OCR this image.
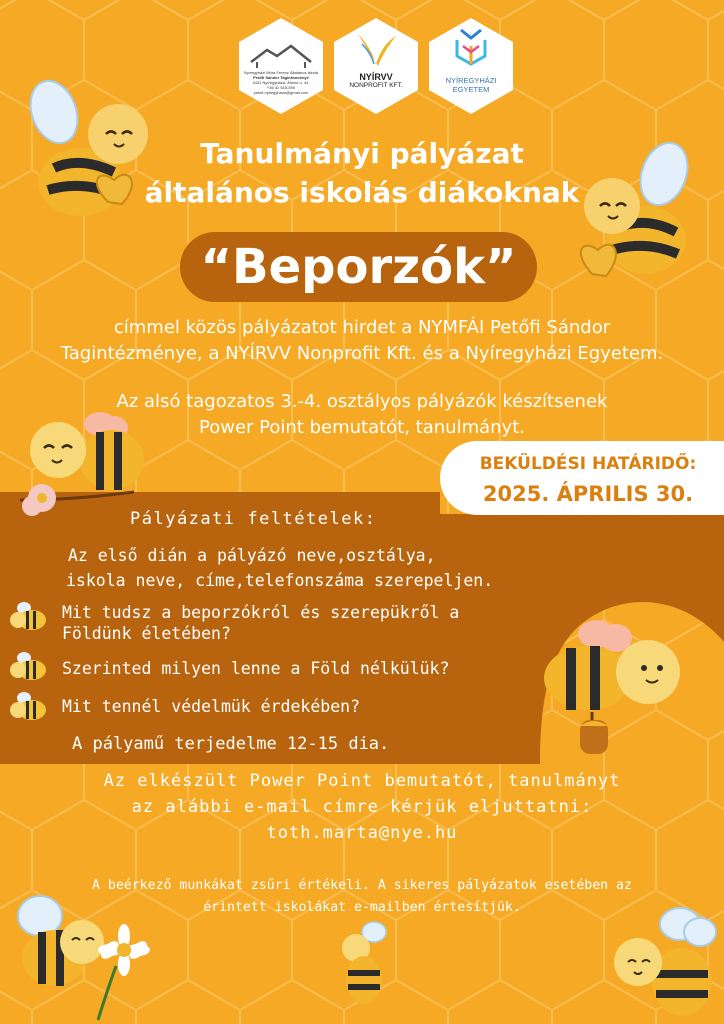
Nyíregyházi Móra Ferenc Általános Iskola
Petőfi Sándor Tagintézménye
4431 Nyíregyháza, Álmos u. 44.
+36 42 515-590
petofi.nyiregyhaza@gmail.com
NYÍRVV
NONPROFIT KFT.
NYÍREGYHÁZI
EGYETEM
Tanulmányi pályázat
általános iskolás diákoknak
“Beporzók”
címmel közös pályázatot hirdet a NYMFÁI Petőfi Sándor
Tagintézménye, a NYÍRVV Nonprofit Kft. és a Nyíregyházi Egyetem.
Az alsó tagozatos 3.-4. osztályos pályázók készítsenek
Power Point bemutatót, tanulmányt.
BEKÜLDÉSI HATÁRIDŐ:
2025. ÁPRILIS 30.
Pályázati feltételek:
Az első dián a pályázó neve,osztálya,
iskola neve, címe,telefonszáma szerepeljen.
Mit tudsz a beporzókról és szerepükről a
Földünk életében?
Szerinted milyen lenne a Föld nélkülük?
Mit tennél védelmük érdekében?
A pályamű terjedelme 12-15 dia.
Az elkészült Power Point bemutatót, tanulmányt
az alábbi e-mail címre kérjük eljuttatni:
toth.marta@nye.hu
A beérkező munkákat zsűri értékeli. A sikeres pályázatok esetében az
érintett iskolákat e-mailben értesítjük.
